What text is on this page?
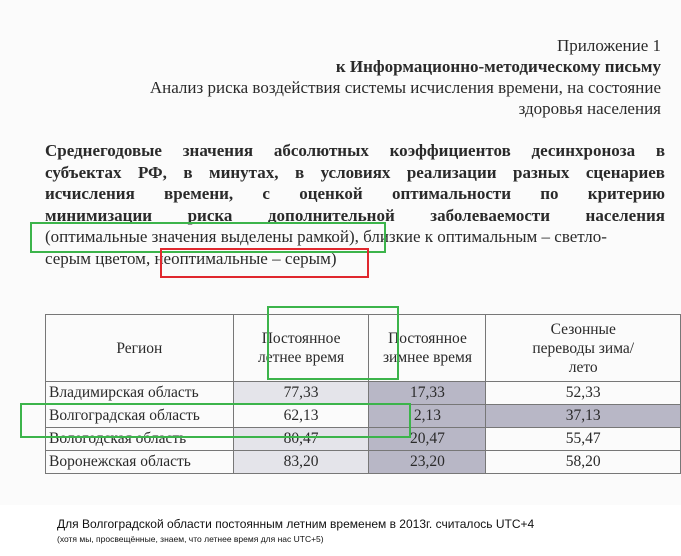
Приложение 1
к Информационно-методическому письму
Анализ риска воздействия системы исчисления времени, на состояние
здоровья населения
Среднегодовые значения абсолютных коэффициентов десинхроноза в
субъектах РФ, в минутах, в условиях реализации разных сценариев
исчисления времени, с оценкой оптимальности по критерию
минимизации риска дополнительной заболеваемости населения
(оптимальные значения выделены рамкой), близкие к оптимальным – светло-
серым цветом, неоптимальные – серым)
Регион	Постоянное летнее время	Постоянное зимнее время	Сезонные переводы зима/лето
Владимирская область	77,33	17,33	52,33
Волгоградская область	62,13	2,13	37,13
Вологодская область	80,47	20,47	55,47
Воронежская область	83,20	23,20	58,20
Для Волгоградской области постоянным летним временем в 2013г. считалось UTC+4
(хотя мы, просвещённые, знаем, что летнее время для нас UTC+5)
